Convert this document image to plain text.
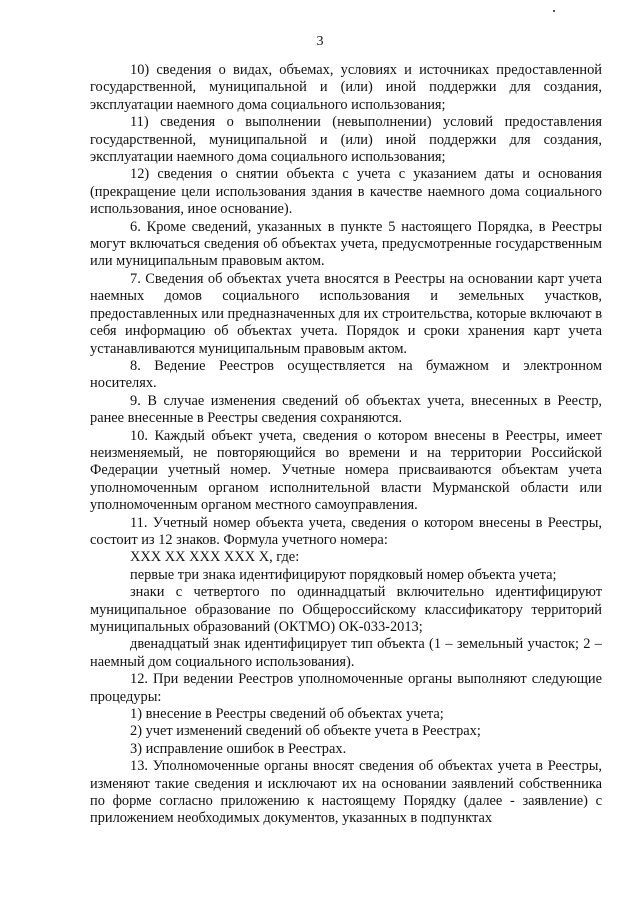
3

10) сведения о видах, объемах, условиях и источниках предоставленной государственной, муниципальной и (или) иной поддержки для создания, эксплуатации наемного дома социального использования;

11) сведения о выполнении (невыполнении) условий предоставления государственной, муниципальной и (или) иной поддержки для создания, эксплуатации наемного дома социального использования;

12) сведения о снятии объекта с учета с указанием даты и основания (прекращение цели использования здания в качестве наемного дома социального использования, иное основание).

6. Кроме сведений, указанных в пункте 5 настоящего Порядка, в Реестры могут включаться сведения об объектах учета, предусмотренные государственным или муниципальным правовым актом.

7. Сведения об объектах учета вносятся в Реестры на основании карт учета наемных домов социального использования и земельных участков, предоставленных или предназначенных для их строительства, которые включают в себя информацию об объектах учета. Порядок и сроки хранения карт учета устанавливаются муниципальным правовым актом.

8. Ведение Реестров осуществляется на бумажном и электронном носителях.

9. В случае изменения сведений об объектах учета, внесенных в Реестр, ранее внесенные в Реестры сведения сохраняются.

10. Каждый объект учета, сведения о котором внесены в Реестры, имеет неизменяемый, не повторяющийся во времени и на территории Российской Федерации учетный номер. Учетные номера присваиваются объектам учета уполномоченным органом исполнительной власти Мурманской области или уполномоченным органом местного самоуправления.

11. Учетный номер объекта учета, сведения о котором внесены в Реестры, состоит из 12 знаков. Формула учетного номера:

XXX XX XXX XXX X, где:

первые три знака идентифицируют порядковый номер объекта учета;

знаки с четвертого по одиннадцатый включительно идентифицируют муниципальное образование по Общероссийскому классификатору территорий муниципальных образований (ОКТМО) ОК-033-2013;

двенадцатый знак идентифицирует тип объекта (1 – земельный участок; 2 – наемный дом социального использования).

12. При ведении Реестров уполномоченные органы выполняют следующие процедуры:

1) внесение в Реестры сведений об объектах учета;

2) учет изменений сведений об объекте учета в Реестрах;

3) исправление ошибок в Реестрах.

13. Уполномоченные органы вносят сведения об объектах учета в Реестры, изменяют такие сведения и исключают их на основании заявлений собственника по форме согласно приложению к настоящему Порядку (далее - заявление) с приложением необходимых документов, указанных в подпунктах
